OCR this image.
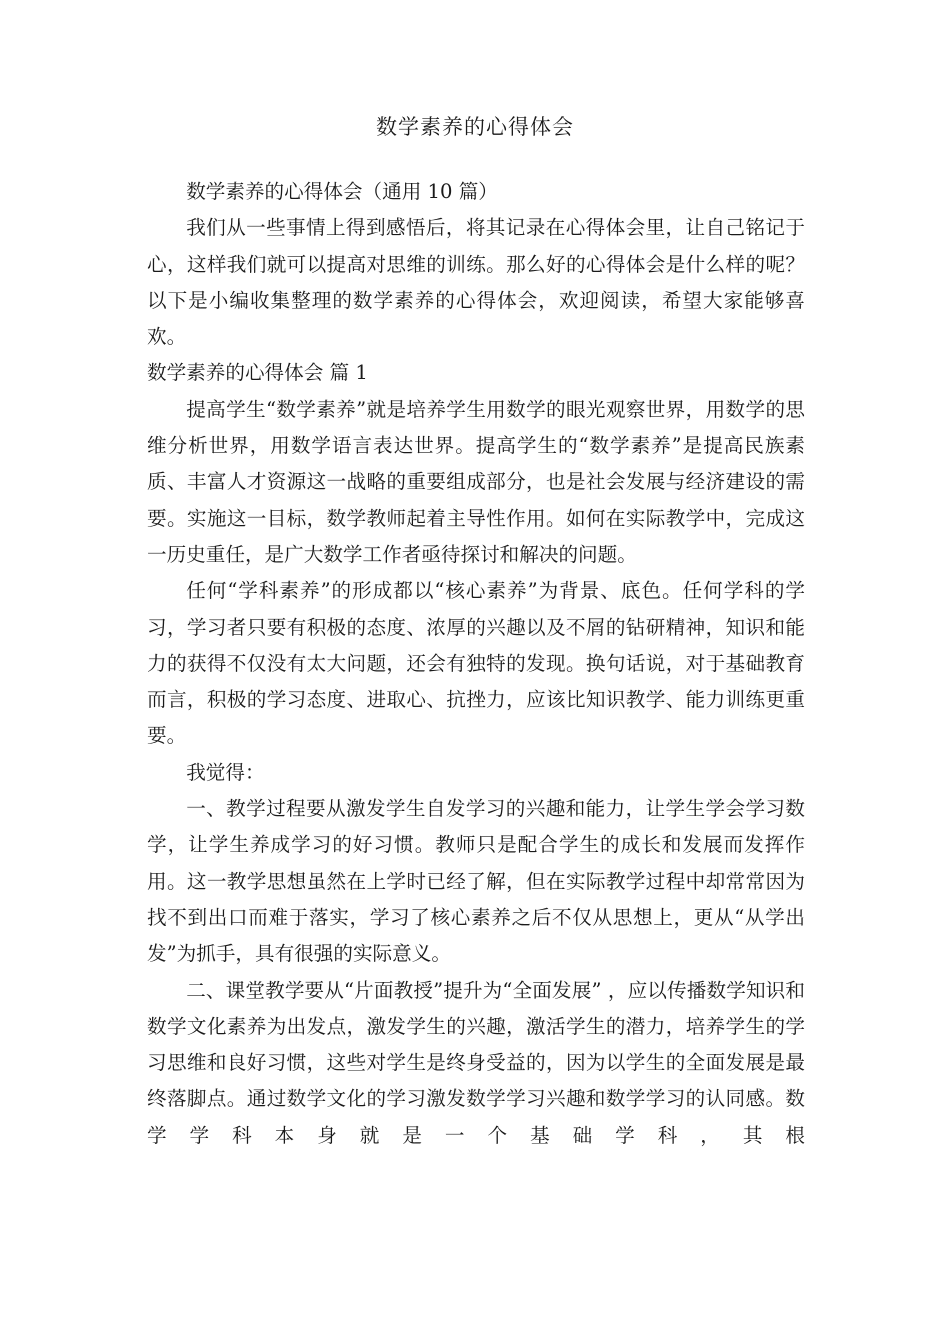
数学素养的心得体会

数学素养的心得体会（通用 10 篇）

我们从一些事情上得到感悟后，将其记录在心得体会里，让自己铭记于心，这样我们就可以提高对思维的训练。那么好的心得体会是什么样的呢？以下是小编收集整理的数学素养的心得体会，欢迎阅读，希望大家能够喜欢。

数学素养的心得体会 篇 1

提高学生“数学素养”就是培养学生用数学的眼光观察世界，用数学的思维分析世界，用数学语言表达世界。提高学生的“数学素养”是提高民族素质、丰富人才资源这一战略的重要组成部分，也是社会发展与经济建设的需要。实施这一目标，数学教师起着主导性作用。如何在实际教学中，完成这一历史重任，是广大数学工作者亟待探讨和解决的问题。

任何“学科素养”的形成都以“核心素养”为背景、底色。任何学科的学习，学习者只要有积极的态度、浓厚的兴趣以及不屑的钻研精神，知识和能力的获得不仅没有太大问题，还会有独特的发现。换句话说，对于基础教育而言，积极的学习态度、进取心、抗挫力，应该比知识教学、能力训练更重要。

我觉得：

一、教学过程要从激发学生自发学习的兴趣和能力，让学生学会学习数学，让学生养成学习的好习惯。教师只是配合学生的成长和发展而发挥作用。这一教学思想虽然在上学时已经了解，但在实际教学过程中却常常因为找不到出口而难于落实，学习了核心素养之后不仅从思想上，更从“从学出发”为抓手，具有很强的实际意义。

二、课堂教学要从“片面教授”提升为“全面发展” ，应以传播数学知识和数学文化素养为出发点，激发学生的兴趣，激活学生的潜力，培养学生的学习思维和良好习惯，这些对学生是终身受益的，因为以学生的全面发展是最终落脚点。通过数学文化的学习激发数学学习兴趣和数学学习的认同感。数学学科本身就是一个基础学科，其根
